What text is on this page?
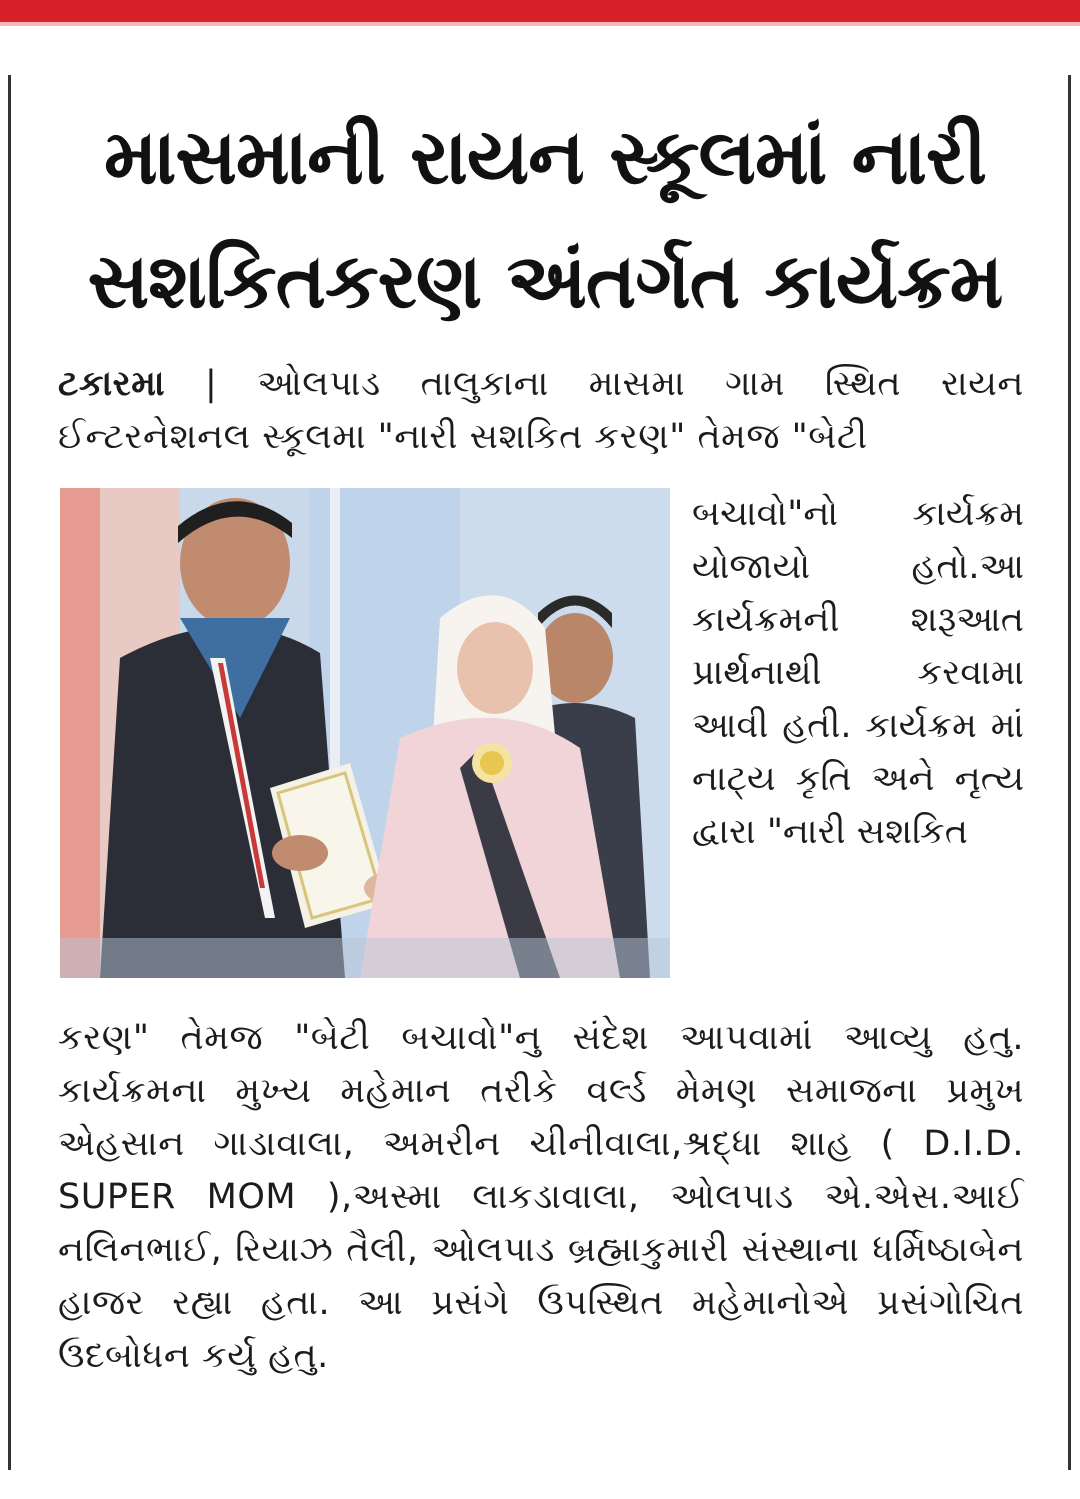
માસમાની રાયન સ્કૂલમાં નારી
સશકિતકરણ અંતર્ગત કાર્યક્રમ
ટકારમા | ઓલપાડ તાલુકાના માસમા ગામ સ્થિત રાયન ઈન્ટરનેશનલ સ્કૂલમા "નારી સશકિત કરણ" તેમજ "બેટી
બચાવો"નો કાર્યક્રમ યોજાયો હતો.આ કાર્યક્રમની શરૂઆત પ્રાર્થનાથી કરવામા આવી હતી. કાર્યક્રમ માં નાટ્ય કૃતિ અને નૃત્ય દ્વારા "નારી સશકિત
કરણ" તેમજ "બેટી બચાવો"નુ સંદેશ આપવામાં આવ્યુ હતુ. કાર્યક્રમના મુખ્ય મહેમાન તરીકે વર્લ્ડ મેમણ સમાજના પ્રમુખ એહસાન ગાડાવાલા, અમરીન ચીનીવાલા,શ્રદ્ધા શાહ ( D.I.D. SUPER MOM ),અસ્મા લાકડાવાલા, ઓલપાડ એ.એસ.આઈ નલિનભાઈ, રિયાઝ તૈલી, ઓલપાડ બ્રહ્માકુમારી સંસ્થાના ધર્મિષ્ઠાબેન હાજર રહ્યા હતા. આ પ્રસંગે ઉપસ્થિત મહેમાનોએ પ્રસંગોચિત ઉદબોધન કર્યુ હતુ.
